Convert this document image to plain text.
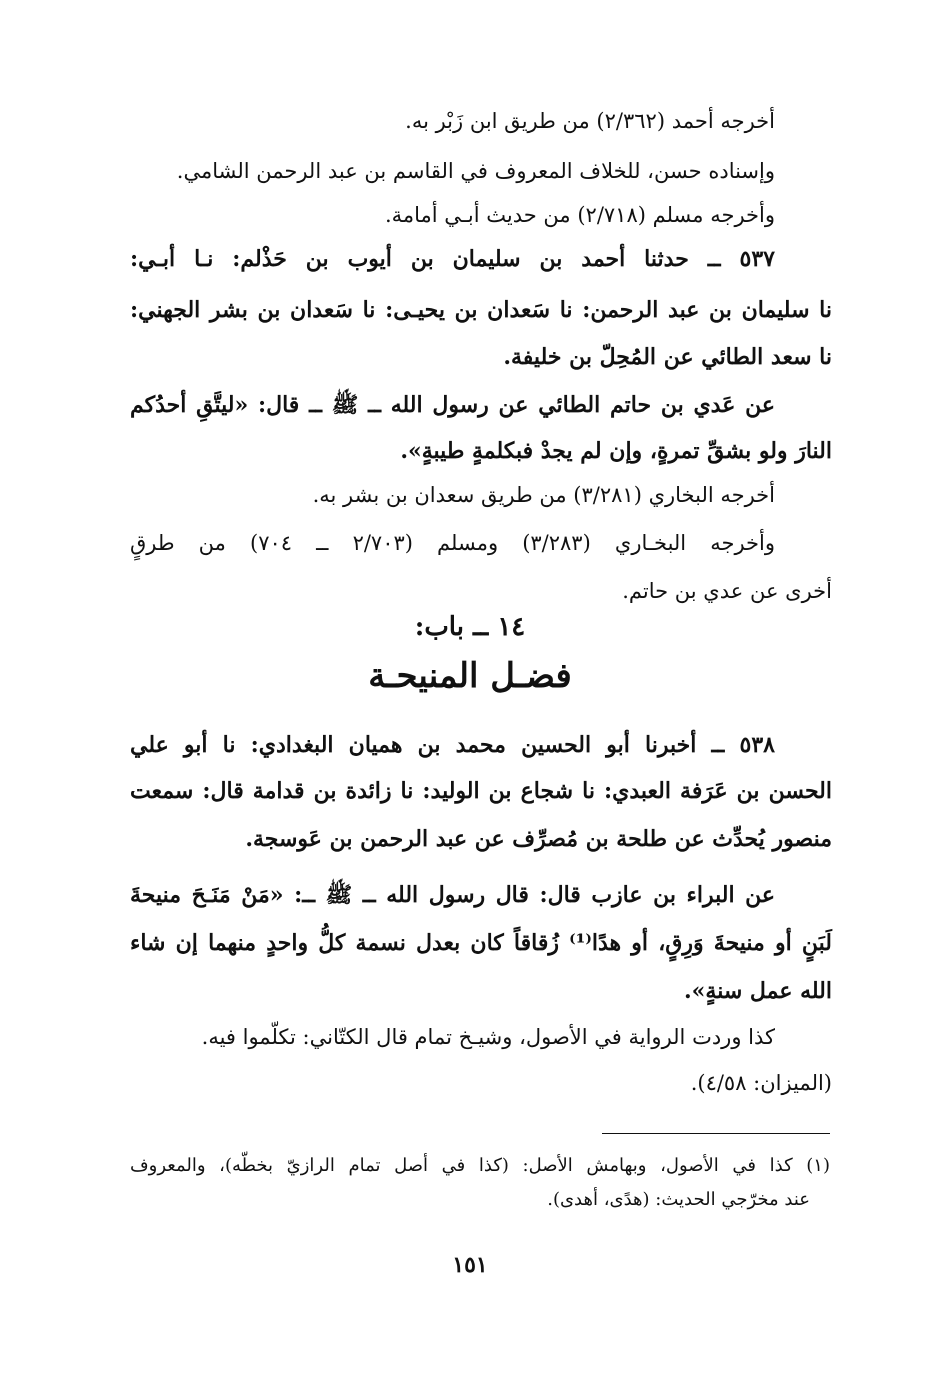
أخرجه أحمد (٢/٣٦٢) من طريق ابن زَبْر به.
وإسناده حسن، للخلاف المعروف في القاسم بن عبد الرحمن الشامي.
وأخرجه مسلم (٢/٧١٨) من حديث أبـي أمامة.
٥٣٧ ــ حدثنا أحمد بن سليمان بن أيوب بن حَذْلم: نـا أبـي:
نا سليمان بن عبد الرحمن: نا سَعدان بن يحيـى: نا سَعدان بن بشر الجهني:
نا سعد الطائي عن المُحِلّ بن خليفة.
عن عَدي بن حاتم الطائي عن رسول الله ــ ﷺ ــ قال: «ليتَّقِ أحدُكم
النارَ ولو بشقِّ تمرةٍ، وإن لم يجدْ فبكلمةٍ طيبةٍ».
أخرجه البخاري (٣/٢٨١) من طريق سعدان بن بشر به.
وأخرجه البخـاري (٣/٢٨٣) ومسلم (٢/٧٠٣ ــ ٧٠٤) من طرقٍ
أخرى عن عدي بن حاتم.
١٤ ــ باب:
فضـل المنيحـة
٥٣٨ ــ أخبرنا أبو الحسين محمد بن هميان البغدادي: نا أبو علي
الحسن بن عَرَفة العبدي: نا شجاع بن الوليد: نا زائدة بن قدامة قال: سمعت
منصور يُحدِّث عن طلحة بن مُصرِّف عن عبد الرحمن بن عَوسجة.
عن البراء بن عازب قال: قال رسول الله ــ ﷺ ــ: «مَنْ مَنَـحَ منيحةَ
لَبَنٍ أو منيحةَ وَرِقٍ، أو هدًا⁽¹⁾ زُقاقاً كان بعدل نسمة كلُّ واحدٍ منهما إن شاء
الله عمل سنةٍ».
كذا وردت الرواية في الأصول، وشيـخ تمام قال الكتّاني: تكلّموا فيه.
(الميزان: ٤/٥٨).
(١) كذا في الأصول، وبهامش الأصل: (كذا في أصل تمام الرازيّ بخطّه)، والمعروف
عند مخرّجي الحديث: (هدًى، أهدى).
١٥١
